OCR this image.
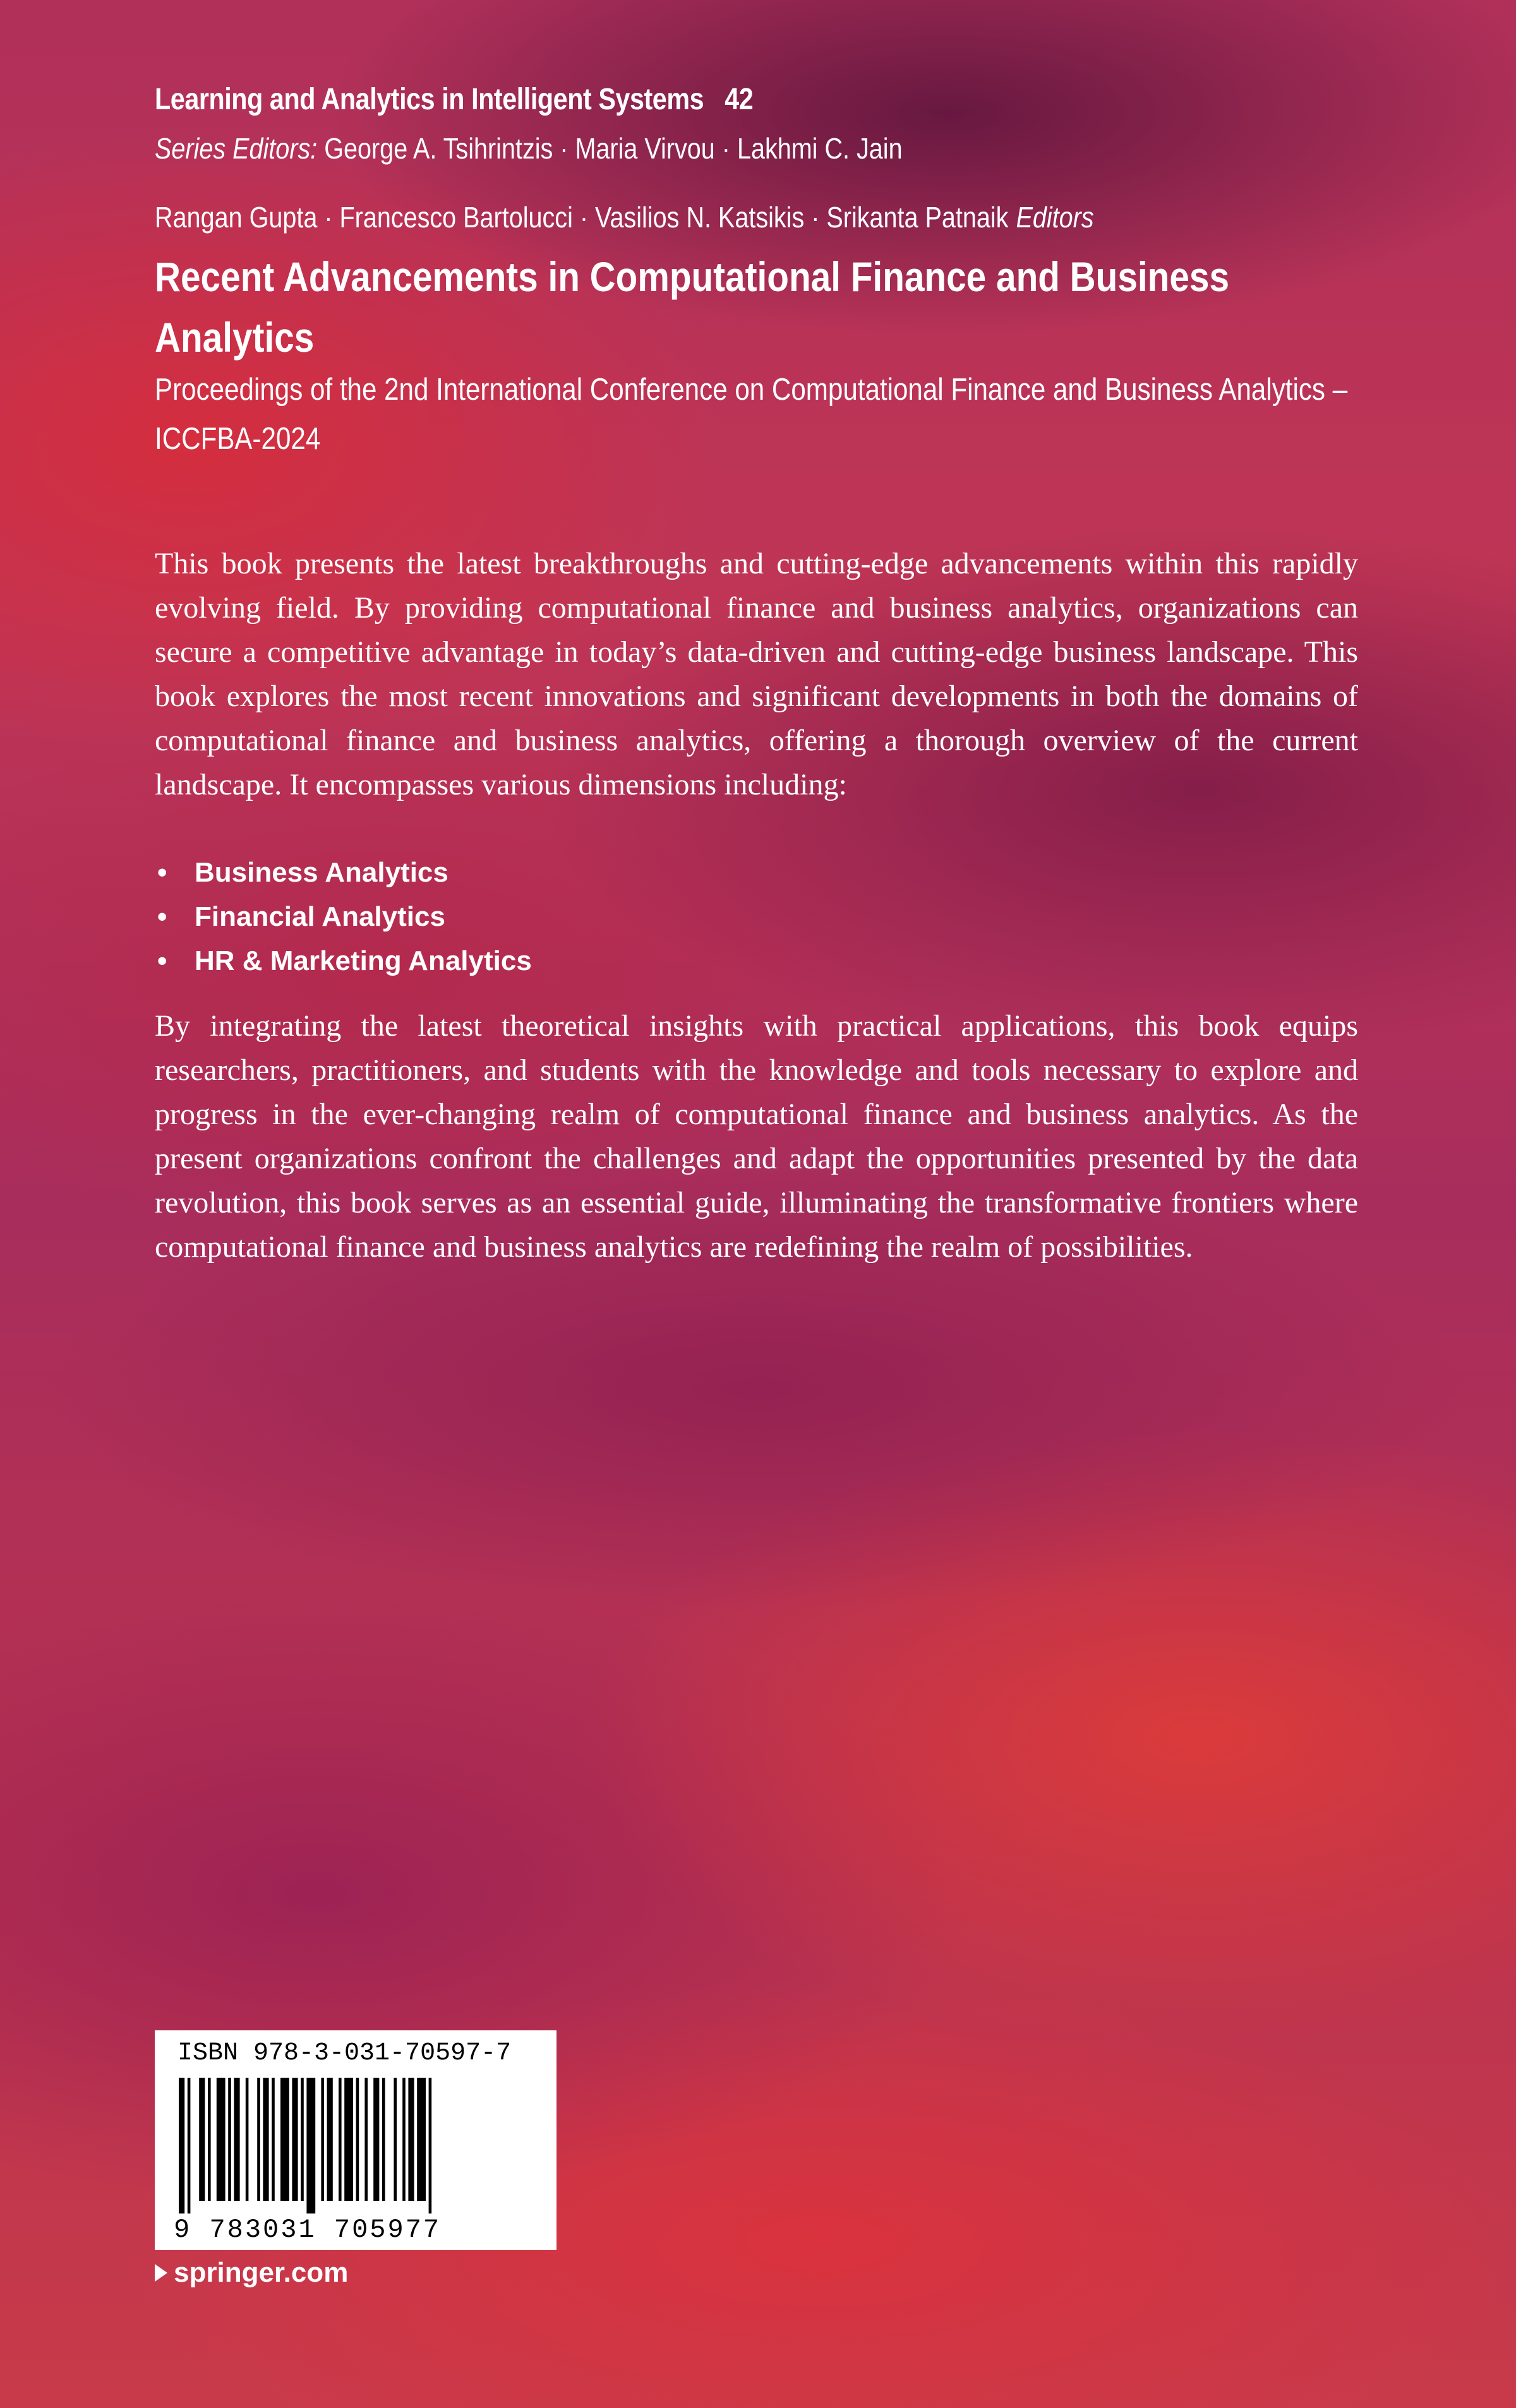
Learning and Analytics in Intelligent Systems 42
Series Editors: George A. Tsihrintzis · Maria Virvou · Lakhmi C. Jain
Rangan Gupta · Francesco Bartolucci · Vasilios N. Katsikis · Srikanta Patnaik Editors
Recent Advancements in Computational Finance and Business Analytics
Proceedings of the 2nd International Conference on Computational Finance and Business Analytics – ICCFBA-2024
This book presents the latest breakthroughs and cutting-edge advancements within this rapidly evolving field. By providing computational finance and business analytics, organizations can secure a competitive advantage in today’s data-driven and cutting-edge business landscape. This book explores the most recent innovations and significant developments in both the domains of computational finance and business analytics, offering a thorough overview of the current landscape. It encompasses various dimensions including:
• Business Analytics
• Financial Analytics
• HR & Marketing Analytics
By integrating the latest theoretical insights with practical applications, this book equips researchers, practitioners, and students with the knowledge and tools necessary to explore and progress in the ever-changing realm of computational finance and business analytics. As the present organizations confront the challenges and adapt the opportunities presented by the data revolution, this book serves as an essential guide, illuminating the transformative frontiers where computational finance and business analytics are redefining the realm of possibilities.
ISBN 978-3-031-70597-7
9 783031 705977
springer.com
